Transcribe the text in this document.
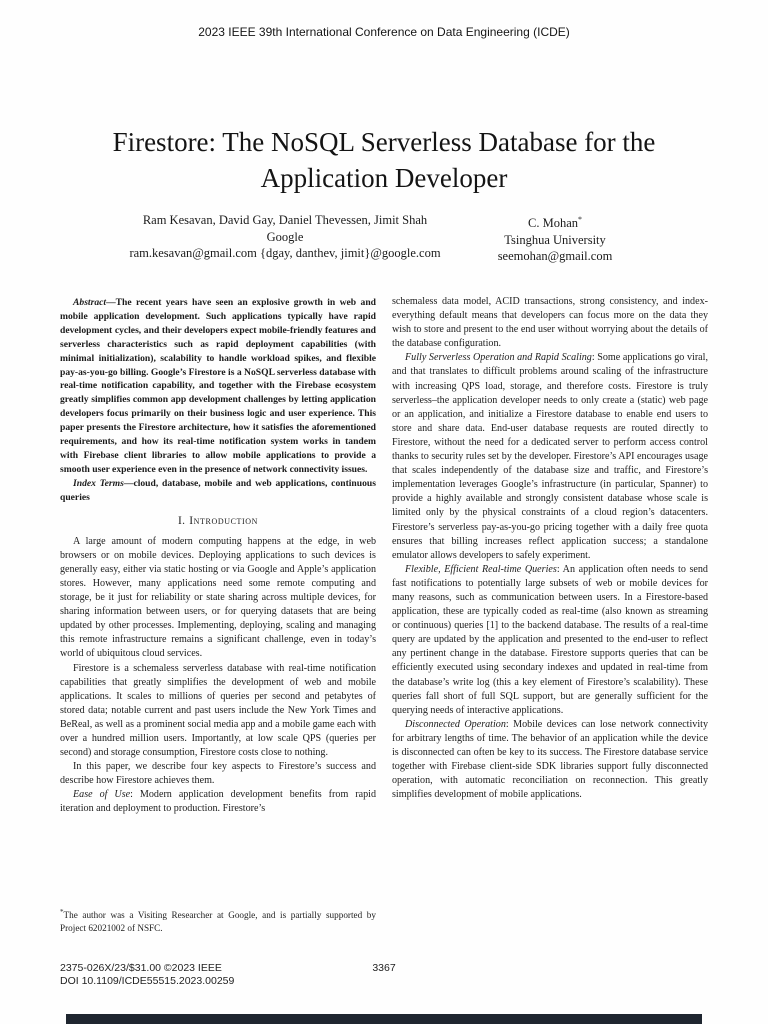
2023 IEEE 39th International Conference on Data Engineering (ICDE)
Firestore: The NoSQL Serverless Database for the
Application Developer
Ram Kesavan, David Gay, Daniel Thevessen, Jimit Shah
Google
ram.kesavan@gmail.com {dgay, danthev, jimit}@google.com
C. Mohan*
Tsinghua University
seemohan@gmail.com

Abstract—The recent years have seen an explosive growth in web and mobile application development. Such applications typically have rapid development cycles, and their developers expect mobile-friendly features and serverless characteristics such as rapid deployment capabilities (with minimal initialization), scalability to handle workload spikes, and flexible pay-as-you-go billing. Google’s Firestore is a NoSQL serverless database with real-time notification capability, and together with the Firebase ecosystem greatly simplifies common app development challenges by letting application developers focus primarily on their business logic and user experience. This paper presents the Firestore architecture, how it satisfies the aforementioned requirements, and how its real-time notification system works in tandem with Firebase client libraries to allow mobile applications to provide a smooth user experience even in the presence of network connectivity issues.

Index Terms—cloud, database, mobile and web applications, continuous queries

I. Introduction

A large amount of modern computing happens at the edge, in web browsers or on mobile devices. Deploying applications to such devices is generally easy, either via static hosting or via Google and Apple’s application stores. However, many applications need some remote computing and storage, be it just for reliability or state sharing across multiple devices, for sharing information between users, or for querying datasets that are being updated by other processes. Implementing, deploying, scaling and managing this remote infrastructure remains a significant challenge, even in today’s world of ubiquitous cloud services.

Firestore is a schemaless serverless database with real-time notification capabilities that greatly simplifies the development of web and mobile applications. It scales to millions of queries per second and petabytes of stored data; notable current and past users include the New York Times and BeReal, as well as a prominent social media app and a mobile game each with over a hundred million users. Importantly, at low scale QPS (queries per second) and storage consumption, Firestore costs close to nothing.

In this paper, we describe four key aspects to Firestore’s success and describe how Firestore achieves them.

Ease of Use: Modern application development benefits from rapid iteration and deployment to production. Firestore’s

schemaless data model, ACID transactions, strong consistency, and index-everything default means that developers can focus more on the data they wish to store and present to the end user without worrying about the details of the database configuration.

Fully Serverless Operation and Rapid Scaling: Some applications go viral, and that translates to difficult problems around scaling of the infrastructure with increasing QPS load, storage, and therefore costs. Firestore is truly serverless–the application developer needs to only create a (static) web page or an application, and initialize a Firestore database to enable end users to store and share data. End-user database requests are routed directly to Firestore, without the need for a dedicated server to perform access control thanks to security rules set by the developer. Firestore’s API encourages usage that scales independently of the database size and traffic, and Firestore’s implementation leverages Google’s infrastructure (in particular, Spanner) to provide a highly available and strongly consistent database whose scale is limited only by the physical constraints of a cloud region’s datacenters. Firestore’s serverless pay-as-you-go pricing together with a daily free quota ensures that billing increases reflect application success; a standalone emulator allows developers to safely experiment.

Flexible, Efficient Real-time Queries: An application often needs to send fast notifications to potentially large subsets of web or mobile devices for many reasons, such as communication between users. In a Firestore-based application, these are typically coded as real-time (also known as streaming or continuous) queries [1] to the backend database. The results of a real-time query are updated by the application and presented to the end-user to reflect any pertinent change in the database. Firestore supports queries that can be efficiently executed using secondary indexes and updated in real-time from the database’s write log (this a key element of Firestore’s scalability). These queries fall short of full SQL support, but are generally sufficient for the querying needs of interactive applications.

Disconnected Operation: Mobile devices can lose network connectivity for arbitrary lengths of time. The behavior of an application while the device is disconnected can often be key to its success. The Firestore database service together with Firebase client-side SDK libraries support fully disconnected operation, with automatic reconciliation on reconnection. This greatly simplifies development of mobile applications.

*The author was a Visiting Researcher at Google, and is partially supported by Project 62021002 of NSFC.
2375-026X/23/$31.00 ©2023 IEEE
DOI 10.1109/ICDE55515.2023.00259
3367
